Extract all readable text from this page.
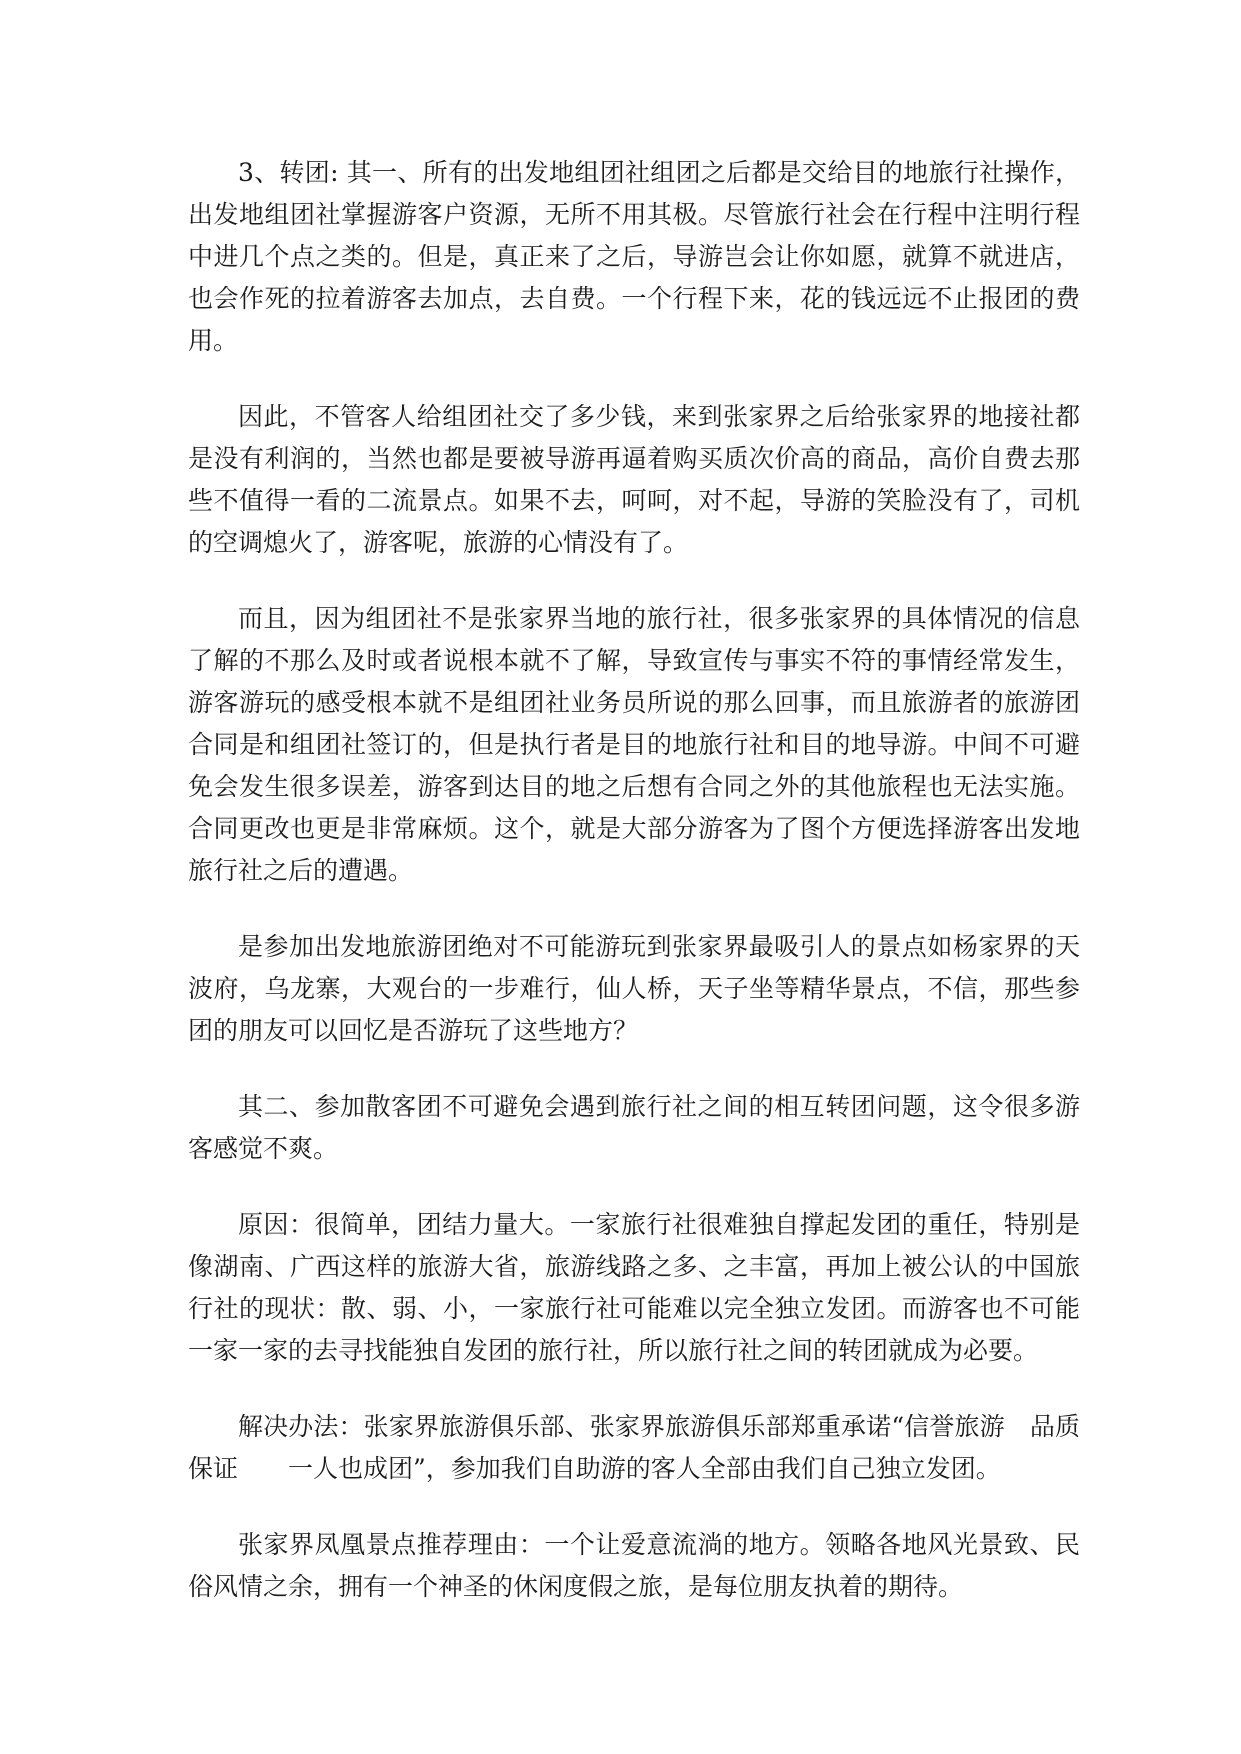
3、转团: 其一、所有的出发地组团社组团之后都是交给目的地旅行社操作，出发地组团社掌握游客户资源，无所不用其极。尽管旅行社会在行程中注明行程中进几个点之类的。但是，真正来了之后，导游岂会让你如愿，就算不就进店，也会作死的拉着游客去加点，去自费。一个行程下来，花的钱远远不止报团的费用。

因此，不管客人给组团社交了多少钱，来到张家界之后给张家界的地接社都是没有利润的，当然也都是要被导游再逼着购买质次价高的商品，高价自费去那些不值得一看的二流景点。如果不去，呵呵，对不起，导游的笑脸没有了，司机的空调熄火了，游客呢，旅游的心情没有了。

而且，因为组团社不是张家界当地的旅行社，很多张家界的具体情况的信息了解的不那么及时或者说根本就不了解，导致宣传与事实不符的事情经常发生，游客游玩的感受根本就不是组团社业务员所说的那么回事，而且旅游者的旅游团合同是和组团社签订的，但是执行者是目的地旅行社和目的地导游。中间不可避免会发生很多误差，游客到达目的地之后想有合同之外的其他旅程也无法实施。合同更改也更是非常麻烦。这个，就是大部分游客为了图个方便选择游客出发地旅行社之后的遭遇。

是参加出发地旅游团绝对不可能游玩到张家界最吸引人的景点如杨家界的天波府，乌龙寨，大观台的一步难行，仙人桥，天子坐等精华景点，不信，那些参团的朋友可以回忆是否游玩了这些地方？

其二、参加散客团不可避免会遇到旅行社之间的相互转团问题，这令很多游客感觉不爽。

原因：很简单，团结力量大。一家旅行社很难独自撑起发团的重任，特别是像湖南、广西这样的旅游大省，旅游线路之多、之丰富，再加上被公认的中国旅行社的现状：散、弱、小，一家旅行社可能难以完全独立发团。而游客也不可能一家一家的去寻找能独自发团的旅行社，所以旅行社之间的转团就成为必要。

解决办法：张家界旅游俱乐部、张家界旅游俱乐部郑重承诺“信誉旅游　品质保证　　一人也成团”，参加我们自助游的客人全部由我们自己独立发团。

张家界凤凰景点推荐理由：一个让爱意流淌的地方。领略各地风光景致、民俗风情之余，拥有一个神圣的休闲度假之旅，是每位朋友执着的期待。
